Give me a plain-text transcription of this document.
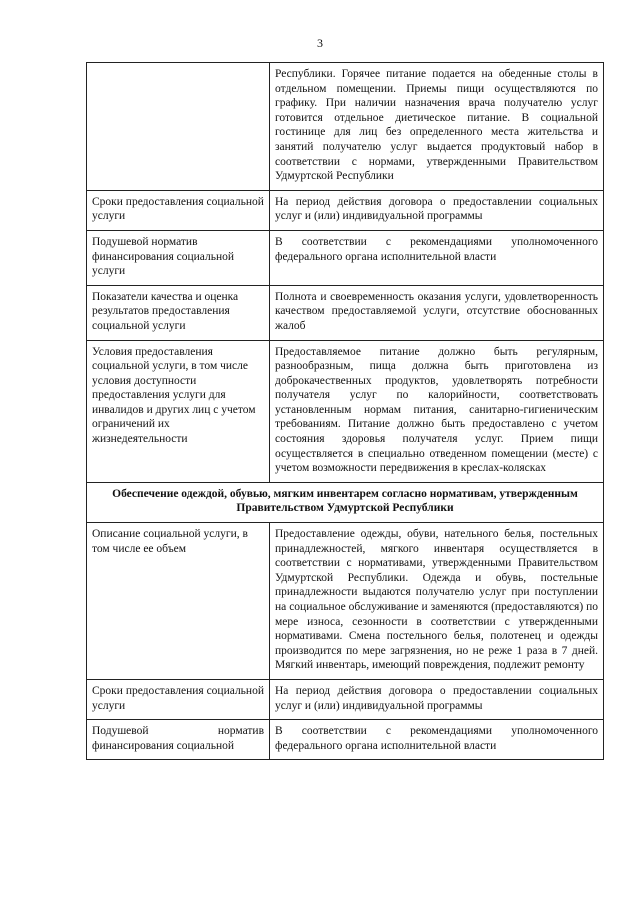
3
	Республики. Горячее питание подается на обеденные столы в отдельном помещении. Приемы пищи осуществляются по графику. При наличии назначения врача получателю услуг готовится отдельное диетическое питание. В социальной гостинице для лиц без определенного места жительства и занятий получателю услуг выдается продуктовый набор в соответствии с нормами, утвержденными Правительством Удмуртской Республики
Сроки предоставления социальной услуги	На период действия договора о предоставлении социальных услуг и (или) индивидуальной программы
Подушевой норматив финансирования социальной услуги	В соответствии с рекомендациями уполномоченного федерального органа исполнительной власти
Показатели качества и оценка результатов предоставления социальной услуги	Полнота и своевременность оказания услуги, удовлетворенность качеством предоставляемой услуги, отсутствие обоснованных жалоб
Условия предоставления социальной услуги, в том числе условия доступности предоставления услуги для инвалидов и других лиц с учетом ограничений их жизнедеятельности	Предоставляемое питание должно быть регулярным, разнообразным, пища должна быть приготовлена из доброкачественных продуктов, удовлетворять потребности получателя услуг по калорийности, соответствовать установленным нормам питания, санитарно-гигиеническим требованиям. Питание должно быть предоставлено с учетом состояния здоровья получателя услуг. Прием пищи осуществляется в специально отведенном помещении (месте) с учетом возможности передвижения в креслах-колясках
Обеспечение одеждой, обувью, мягким инвентарем согласно нормативам, утвержденным Правительством Удмуртской Республики	
Описание социальной услуги, в том числе ее объем	Предоставление одежды, обуви, нательного белья, постельных принадлежностей, мягкого инвентаря осуществляется в соответствии с нормативами, утвержденными Правительством Удмуртской Республики. Одежда и обувь, постельные принадлежности выдаются получателю услуг при поступлении на социальное обслуживание и заменяются (предоставляются) по мере износа, сезонности в соответствии с утвержденными нормативами. Смена постельного белья, полотенец и одежды производится по мере загрязнения, но не реже 1 раза в 7 дней. Мягкий инвентарь, имеющий повреждения, подлежит ремонту
Сроки предоставления социальной услуги	На период действия договора о предоставлении социальных услуг и (или) индивидуальной программы
Подушевой норматив финансирования социальной	В соответствии с рекомендациями уполномоченного федерального органа исполнительной власти
